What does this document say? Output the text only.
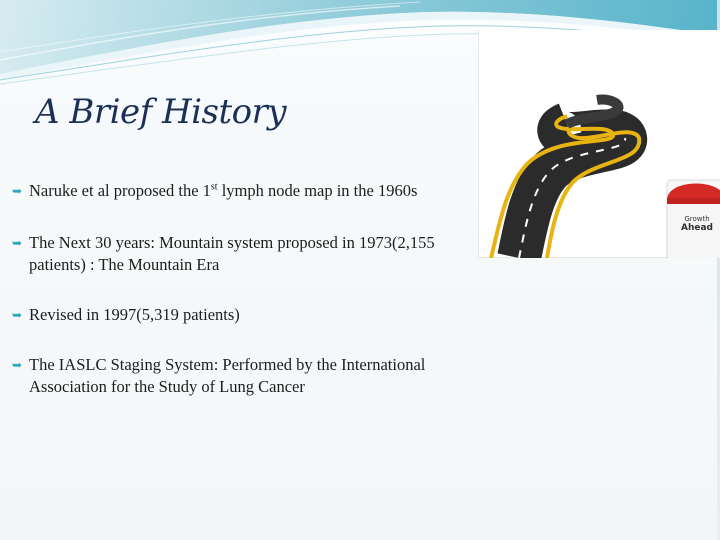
A Brief History
➥ Naruke et al proposed the 1st lymph node map in the 1960s
➥ The Next 30 years: Mountain system proposed in 1973(2,155 patients) : The Mountain Era
➥ Revised in 1997(5,319 patients)
➥ The IASLC Staging System: Performed by the International Association for the Study of Lung Cancer
Growth
Ahead
